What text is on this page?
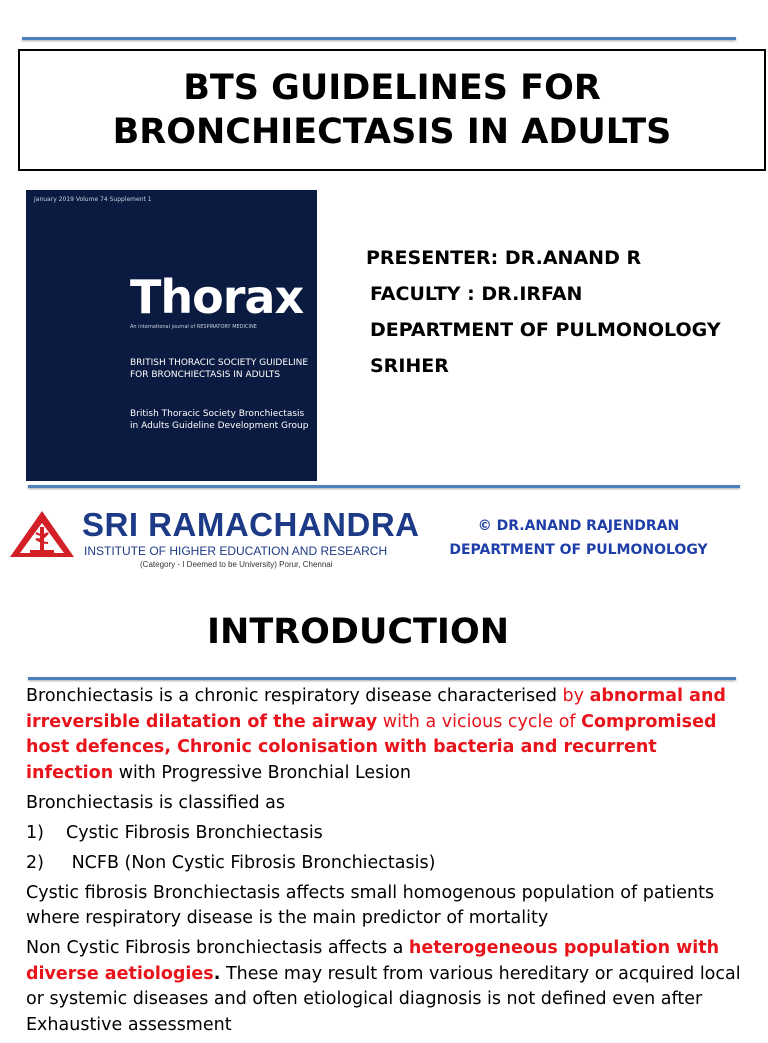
BTS GUIDELINES FOR
BRONCHIECTASIS IN ADULTS
January 2019 Volume 74 Supplement 1
Thorax
An international journal of RESPIRATORY MEDICINE
BRITISH THORACIC SOCIETY GUIDELINE FOR BRONCHIECTASIS IN ADULTS
British Thoracic Society Bronchiectasis in Adults Guideline Development Group
PRESENTER: DR.ANAND R
FACULTY : DR.IRFAN
DEPARTMENT OF PULMONOLOGY
SRIHER
SRI RAMACHANDRA
INSTITUTE OF HIGHER EDUCATION AND RESEARCH
(Category - I Deemed to be University) Porur, Chennai
© DR.ANAND RAJENDRAN
DEPARTMENT OF PULMONOLOGY
INTRODUCTION

Bronchiectasis is a chronic respiratory disease characterised by abnormal and irreversible dilatation of the airway with a vicious cycle of Compromised host defences, Chronic colonisation with bacteria and recurrent infection with Progressive Bronchial Lesion

Bronchiectasis is classified as

1)	Cystic Fibrosis Bronchiectasis

2)	NCFB (Non Cystic Fibrosis Bronchiectasis)

Cystic fibrosis Bronchiectasis affects small homogenous population of patients where respiratory disease is the main predictor of mortality

Non Cystic Fibrosis bronchiectasis affects a heterogeneous population with diverse aetiologies. These may result from various hereditary or acquired local or systemic diseases and often etiological diagnosis is not defined even after Exhaustive assessment
